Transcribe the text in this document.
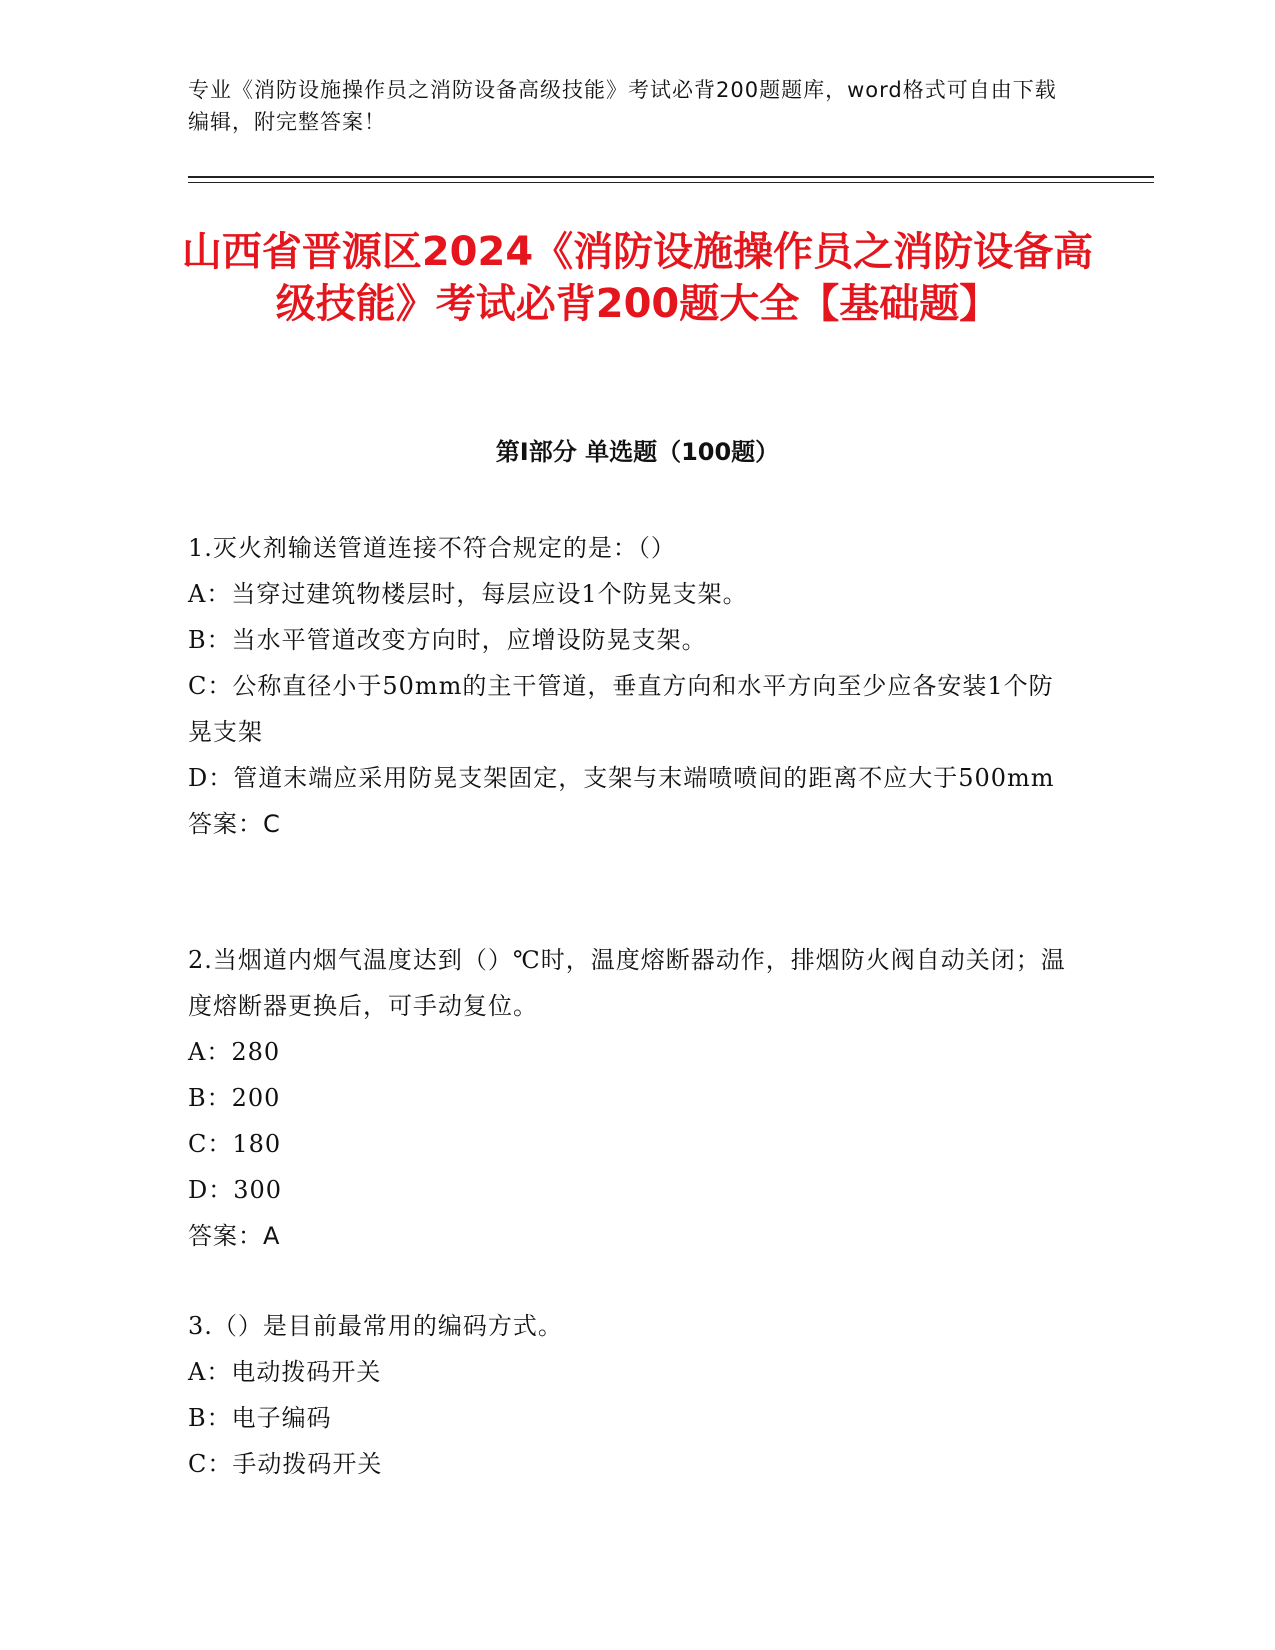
专业《消防设施操作员之消防设备高级技能》考试必背200题题库，word格式可自由下载编辑，附完整答案！
山西省晋源区2024《消防设施操作员之消防设备高级技能》考试必背200题大全【基础题】
第I部分 单选题（100题）
1.灭火剂输送管道连接不符合规定的是：（）
A：当穿过建筑物楼层时，每层应设1个防晃支架。
B：当水平管道改变方向时，应增设防晃支架。
C：公称直径小于50mm的主干管道，垂直方向和水平方向至少应各安装1个防晃支架
D：管道末端应采用防晃支架固定，支架与末端喷喷间的距离不应大于500mm
答案：C
2.当烟道内烟气温度达到（）℃时，温度熔断器动作，排烟防火阀自动关闭；温度熔断器更换后，可手动复位。
A：280
B：200
C：180
D：300
答案：A
3.（）是目前最常用的编码方式。
A：电动拨码开关
B：电子编码
C：手动拨码开关
